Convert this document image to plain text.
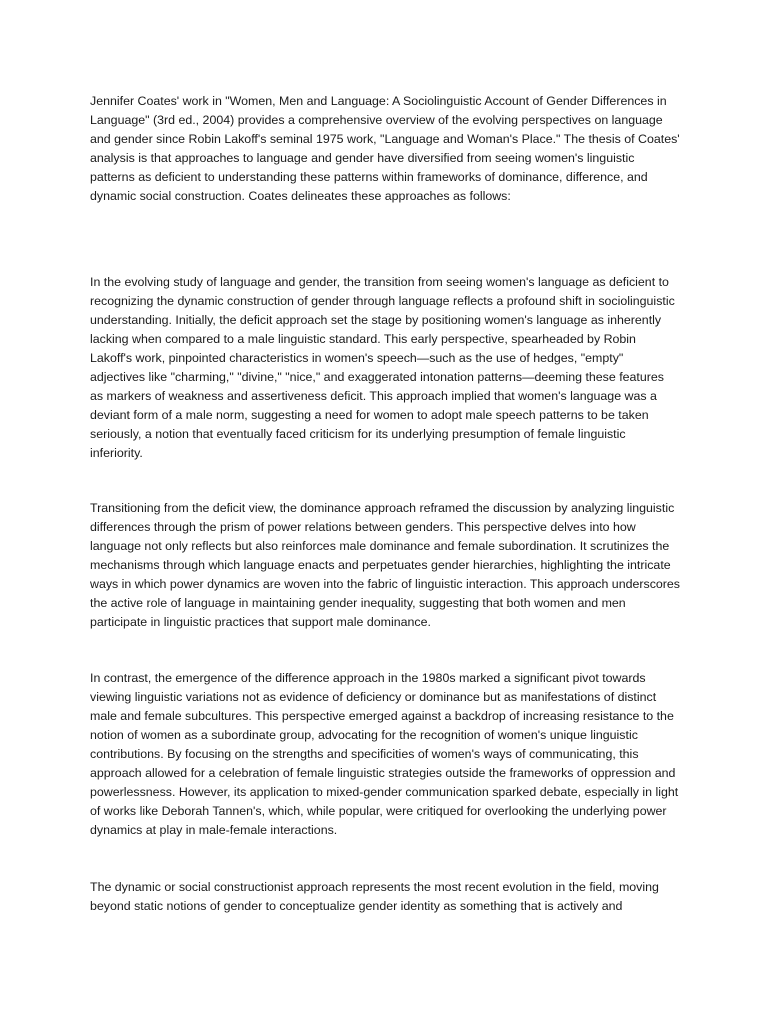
Jennifer Coates' work in "Women, Men and Language: A Sociolinguistic Account of Gender Differences in Language" (3rd ed., 2004) provides a comprehensive overview of the evolving perspectives on language and gender since Robin Lakoff's seminal 1975 work, "Language and Woman's Place." The thesis of Coates' analysis is that approaches to language and gender have diversified from seeing women's linguistic patterns as deficient to understanding these patterns within frameworks of dominance, difference, and dynamic social construction. Coates delineates these approaches as follows:

In the evolving study of language and gender, the transition from seeing women's language as deficient to recognizing the dynamic construction of gender through language reflects a profound shift in sociolinguistic understanding. Initially, the deficit approach set the stage by positioning women's language as inherently lacking when compared to a male linguistic standard. This early perspective, spearheaded by Robin Lakoff's work, pinpointed characteristics in women's speech—such as the use of hedges, "empty" adjectives like "charming," "divine," "nice," and exaggerated intonation patterns—deeming these features as markers of weakness and assertiveness deficit. This approach implied that women's language was a deviant form of a male norm, suggesting a need for women to adopt male speech patterns to be taken seriously, a notion that eventually faced criticism for its underlying presumption of female linguistic inferiority.

Transitioning from the deficit view, the dominance approach reframed the discussion by analyzing linguistic differences through the prism of power relations between genders. This perspective delves into how language not only reflects but also reinforces male dominance and female subordination. It scrutinizes the mechanisms through which language enacts and perpetuates gender hierarchies, highlighting the intricate ways in which power dynamics are woven into the fabric of linguistic interaction. This approach underscores the active role of language in maintaining gender inequality, suggesting that both women and men participate in linguistic practices that support male dominance.

In contrast, the emergence of the difference approach in the 1980s marked a significant pivot towards viewing linguistic variations not as evidence of deficiency or dominance but as manifestations of distinct male and female subcultures. This perspective emerged against a backdrop of increasing resistance to the notion of women as a subordinate group, advocating for the recognition of women's unique linguistic contributions. By focusing on the strengths and specificities of women's ways of communicating, this approach allowed for a celebration of female linguistic strategies outside the frameworks of oppression and powerlessness. However, its application to mixed-gender communication sparked debate, especially in light of works like Deborah Tannen's, which, while popular, were critiqued for overlooking the underlying power dynamics at play in male-female interactions.

The dynamic or social constructionist approach represents the most recent evolution in the field, moving beyond static notions of gender to conceptualize gender identity as something that is actively and
